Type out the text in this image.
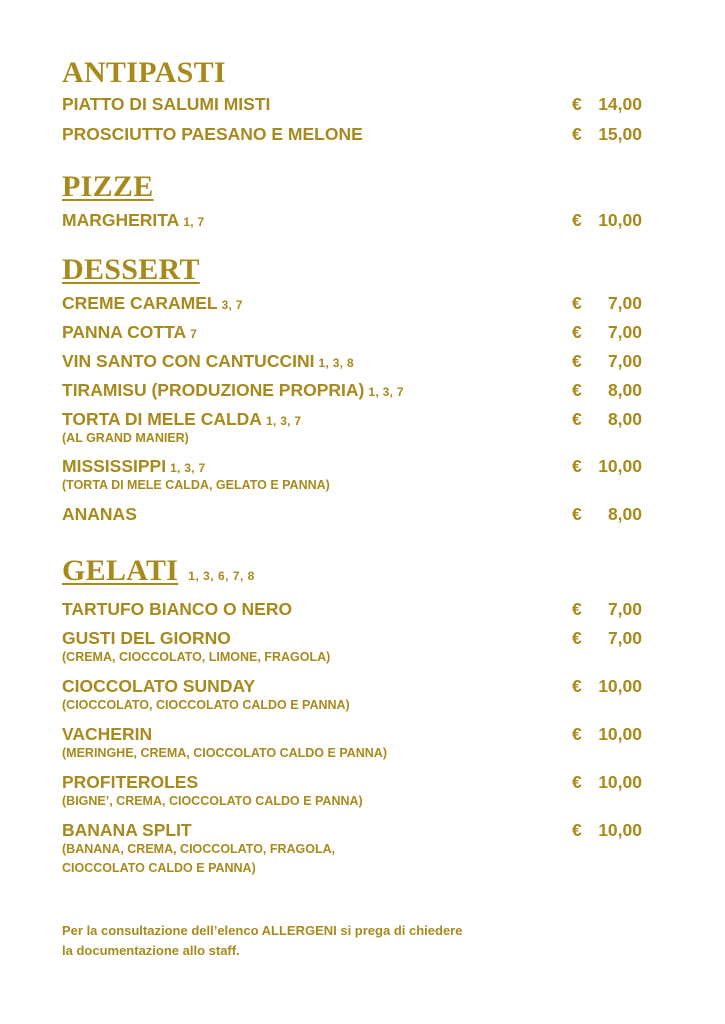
ANTIPASTI
PIATTO DI SALUMI MISTI	€ 14,00
PROSCIUTTO PAESANO E MELONE	€ 15,00
PIZZE
MARGHERITA 1, 7	€ 10,00
DESSERT
CREME CARAMEL 3, 7	€ 7,00
PANNA COTTA 7	€ 7,00
VIN SANTO CON CANTUCCINI 1, 3, 8	€ 7,00
TIRAMISU (PRODUZIONE PROPRIA) 1, 3, 7	€ 8,00
TORTA DI MELE CALDA 1, 3, 7	€ 8,00
(AL GRAND MANIER)
MISSISSIPPI 1, 3, 7	€ 10,00
(TORTA DI MELE CALDA, GELATO E PANNA)
ANANAS	€ 8,00
GELATI 1, 3, 6, 7, 8
TARTUFO BIANCO O NERO	€ 7,00
GUSTI DEL GIORNO	€ 7,00
(CREMA, CIOCCOLATO, LIMONE, FRAGOLA)
CIOCCOLATO SUNDAY	€ 10,00
(CIOCCOLATO, CIOCCOLATO CALDO E PANNA)
VACHERIN	€ 10,00
(MERINGHE, CREMA, CIOCCOLATO CALDO E PANNA)
PROFITEROLES	€ 10,00
(BIGNE’, CREMA, CIOCCOLATO CALDO E PANNA)
BANANA SPLIT	€ 10,00
(BANANA, CREMA, CIOCCOLATO, FRAGOLA,
CIOCCOLATO CALDO E PANNA)
Per la consultazione dell’elenco ALLERGENI si prega di chiedere
la documentazione allo staff.
